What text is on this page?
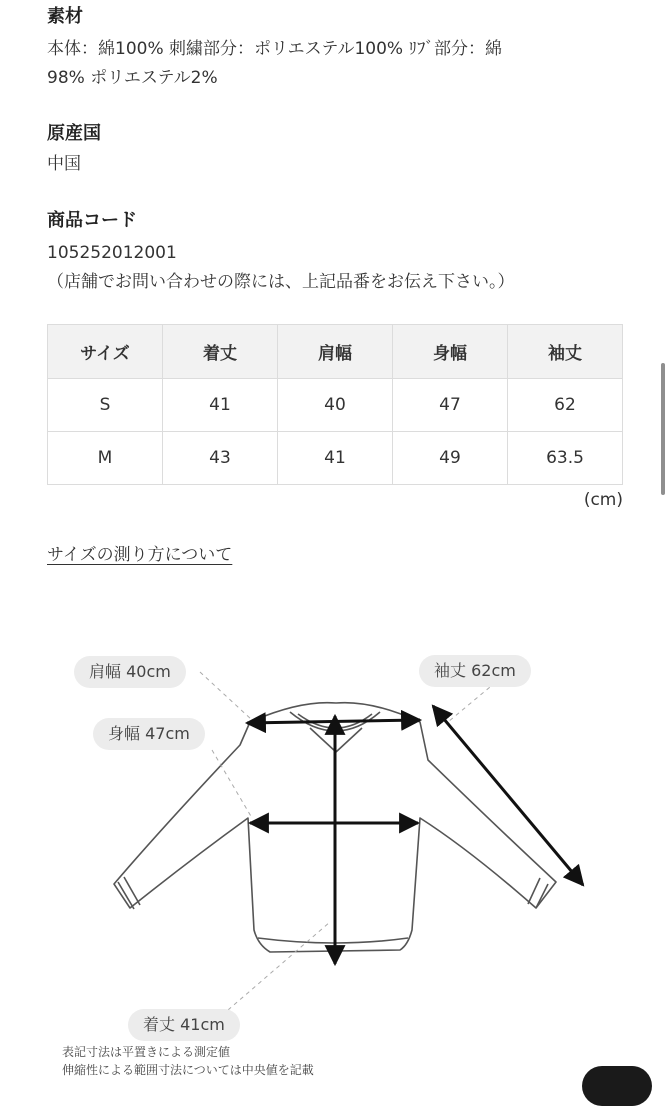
素材

本体：綿100% 刺繍部分：ポリエステル100% ﾘﾌﾞ部分：綿

98% ポリエステル2%

原産国

中国

商品コード

105252012001

（店舗でお問い合わせの際には、上記品番をお伝え下さい。）

サイズ	着丈	肩幅	身幅	袖丈
S	41	40	47	62
M	43	41	49	63.5
(cm)
サイズの測り方について
肩幅 40cm
身幅 47cm
袖丈 62cm
着丈 41cm
表記寸法は平置きによる測定値
伸縮性による範囲寸法については中央値を記載
